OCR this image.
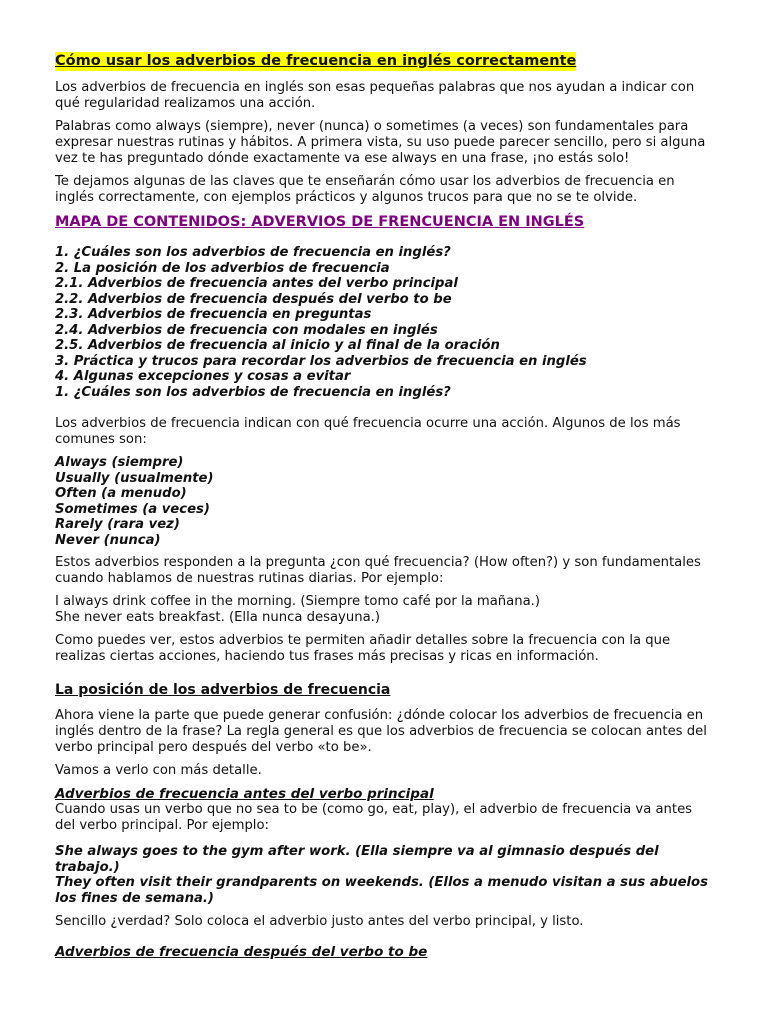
Cómo usar los adverbios de frecuencia en inglés correctamente

Los adverbios de frecuencia en inglés son esas pequeñas palabras que nos ayudan a indicar con qué regularidad realizamos una acción.

Palabras como always (siempre), never (nunca) o sometimes (a veces) son fundamentales para expresar nuestras rutinas y hábitos. A primera vista, su uso puede parecer sencillo, pero si alguna vez te has preguntado dónde exactamente va ese always en una frase, ¡no estás solo!

Te dejamos algunas de las claves que te enseñarán cómo usar los adverbios de frecuencia en inglés correctamente, con ejemplos prácticos y algunos trucos para que no se te olvide.

MAPA DE CONTENIDOS: ADVERVIOS DE FRENCUENCIA EN INGLÉS
1. ¿Cuáles son los adverbios de frecuencia en inglés?
2. La posición de los adverbios de frecuencia
2.1. Adverbios de frecuencia antes del verbo principal
2.2. Adverbios de frecuencia después del verbo to be
2.3. Adverbios de frecuencia en preguntas
2.4. Adverbios de frecuencia con modales en inglés
2.5. Adverbios de frecuencia al inicio y al final de la oración
3. Práctica y trucos para recordar los adverbios de frecuencia en inglés
4. Algunas excepciones y cosas a evitar
1. ¿Cuáles son los adverbios de frecuencia en inglés?

Los adverbios de frecuencia indican con qué frecuencia ocurre una acción. Algunos de los más comunes son:

Always (siempre)
Usually (usualmente)
Often (a menudo)
Sometimes (a veces)
Rarely (rara vez)
Never (nunca)

Estos adverbios responden a la pregunta ¿con qué frecuencia? (How often?) y son fundamentales cuando hablamos de nuestras rutinas diarias. Por ejemplo:

I always drink coffee in the morning. (Siempre tomo café por la mañana.)
She never eats breakfast. (Ella nunca desayuna.)

Como puedes ver, estos adverbios te permiten añadir detalles sobre la frecuencia con la que realizas ciertas acciones, haciendo tus frases más precisas y ricas en información.

La posición de los adverbios de frecuencia

Ahora viene la parte que puede generar confusión: ¿dónde colocar los adverbios de frecuencia en inglés dentro de la frase? La regla general es que los adverbios de frecuencia se colocan antes del verbo principal pero después del verbo «to be».

Vamos a verlo con más detalle.

Adverbios de frecuencia antes del verbo principal

Cuando usas un verbo que no sea to be (como go, eat, play), el adverbio de frecuencia va antes del verbo principal. Por ejemplo:

She always goes to the gym after work. (Ella siempre va al gimnasio después del trabajo.)
They often visit their grandparents on weekends. (Ellos a menudo visitan a sus abuelos los fines de semana.)

Sencillo ¿verdad? Solo coloca el adverbio justo antes del verbo principal, y listo.

Adverbios de frecuencia después del verbo to be
